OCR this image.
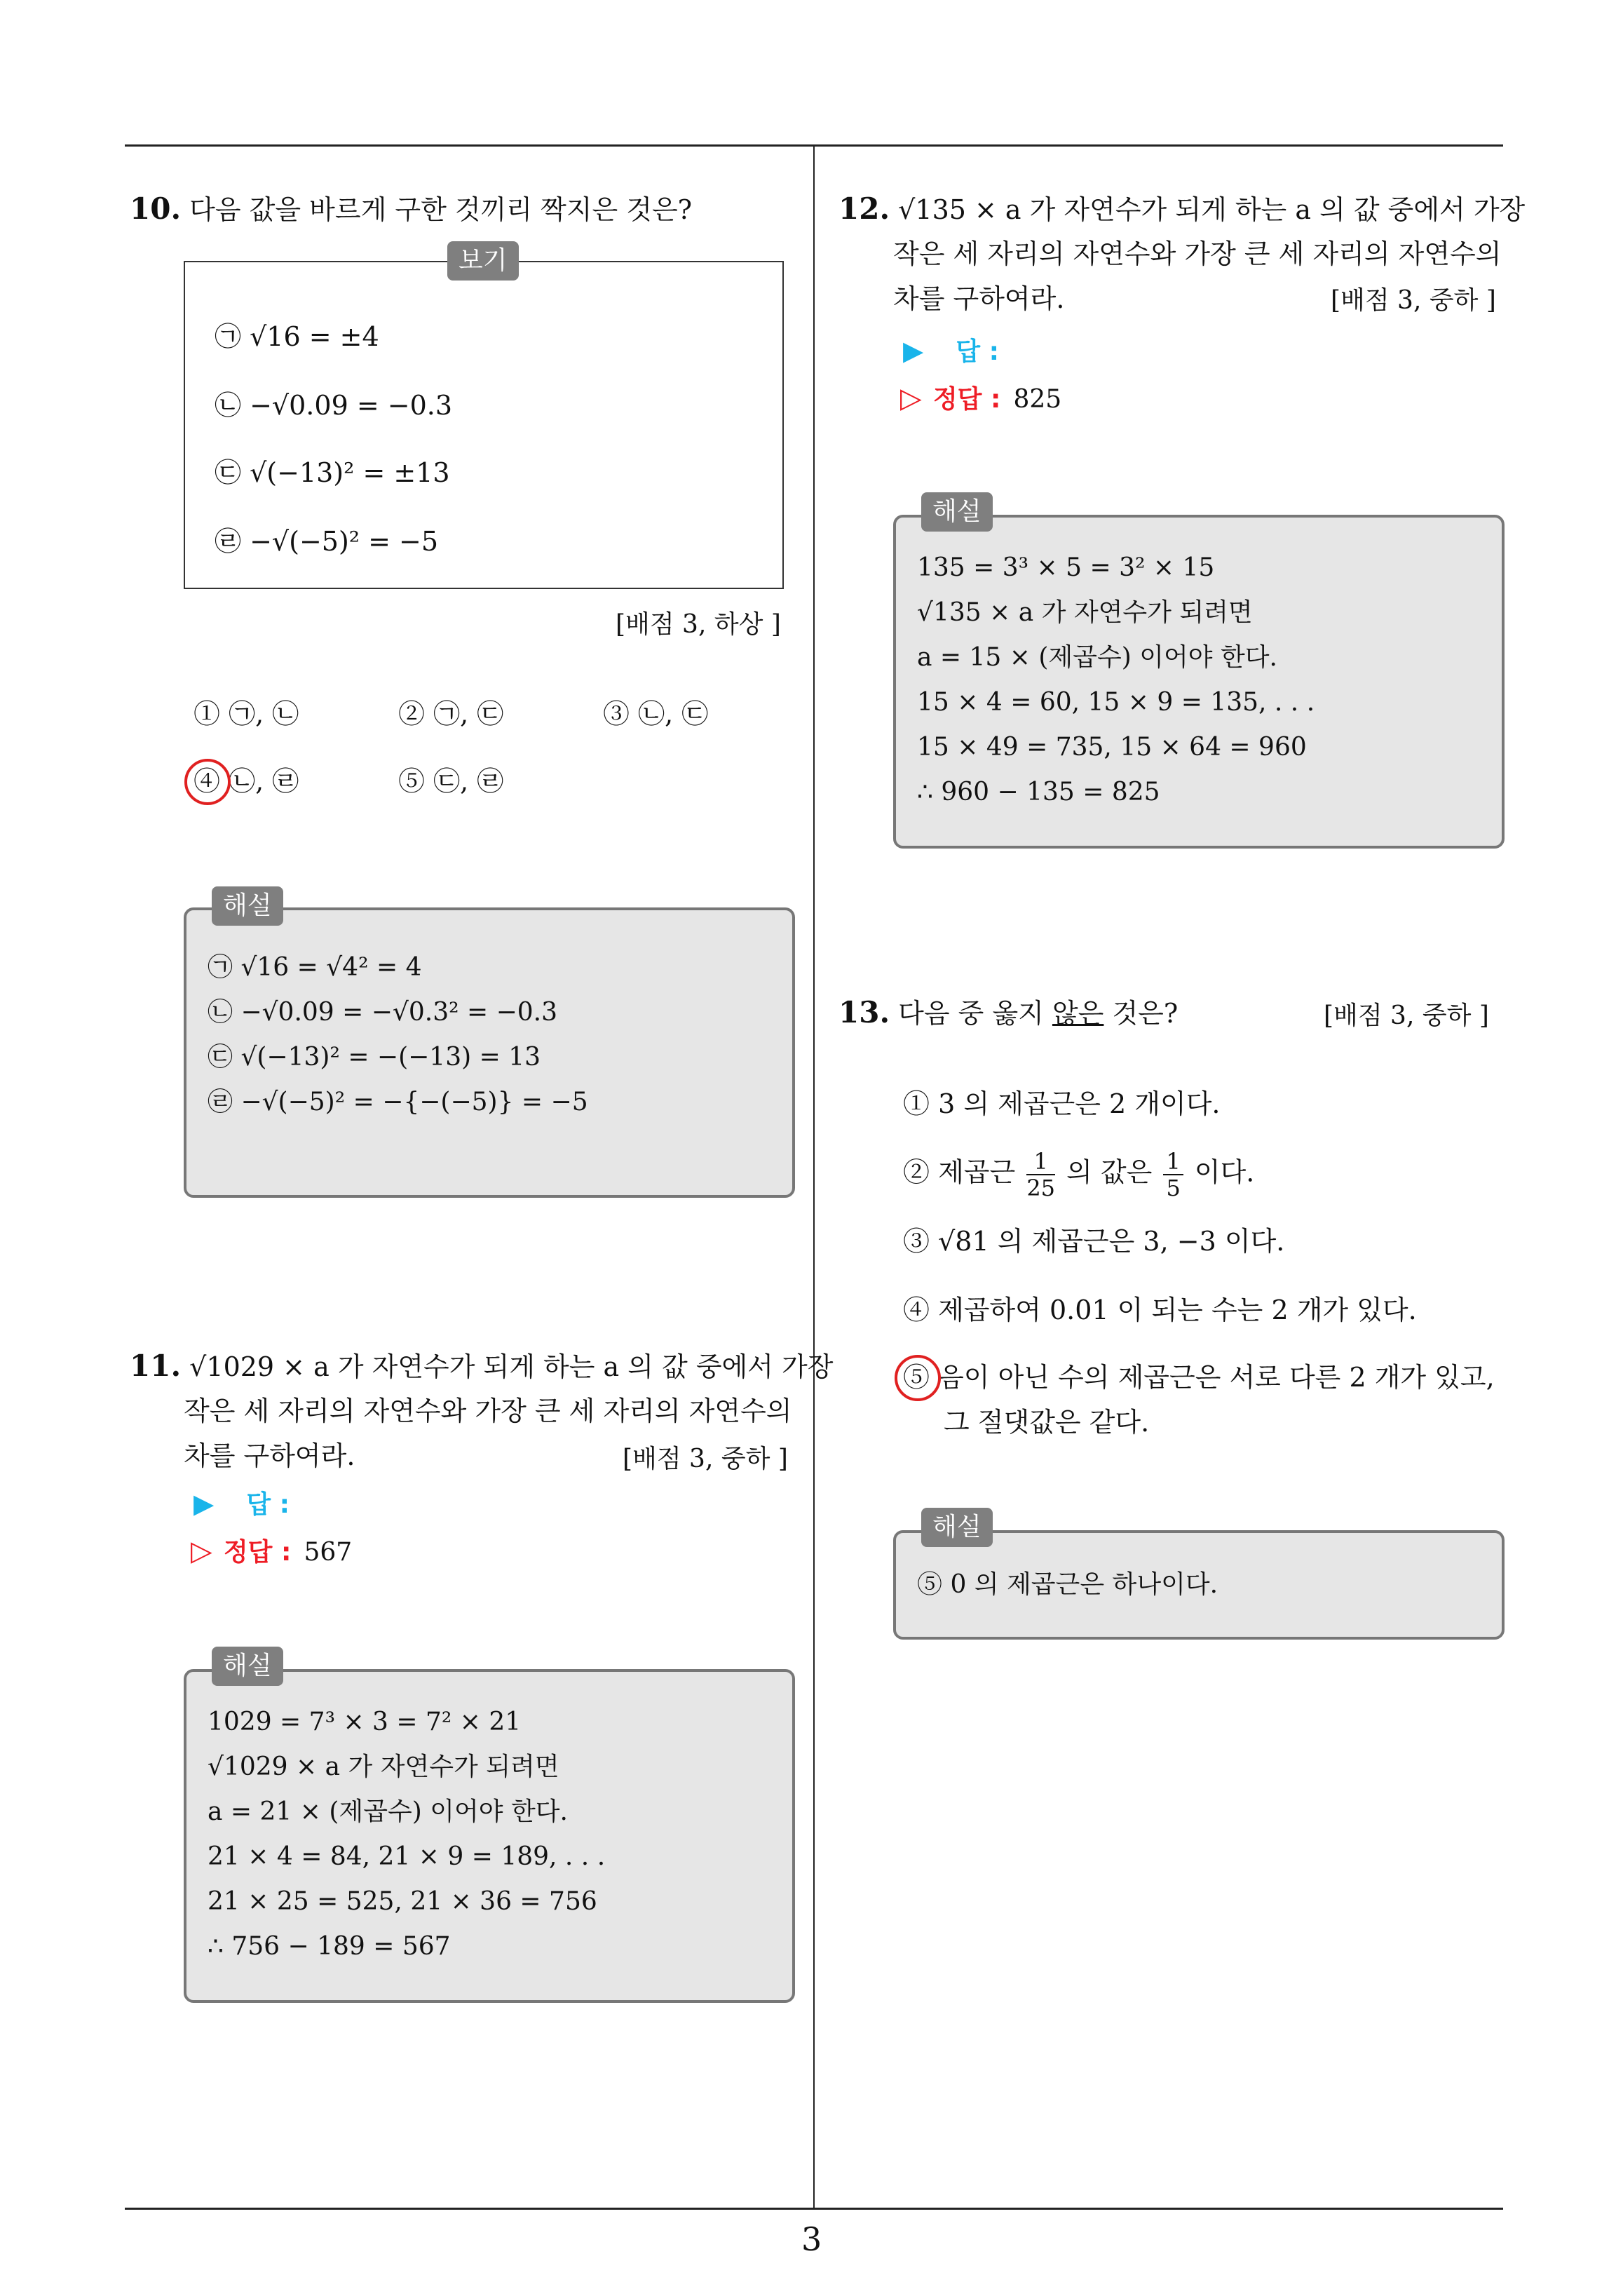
3
10. 다음 값을 바르게 구한 것끼리 짝지은 것은?
보기
㉠ √16 = ±4
㉡ −√0.09 = −0.3
㉢ √(−13)² = ±13
㉣ −√(−5)² = −5
[배점 3, 하상 ]
① ㉠, ㉡	② ㉠, ㉢	③ ㉡, ㉢
④ ㉡, ㉣	⑤ ㉢, ㉣
해설
㉠ √16 = √4² = 4
㉡ −√0.09 = −√0.3² = −0.3
㉢ √(−13)² = −(−13) = 13
㉣ −√(−5)² = −{−(−5)} = −5
11. √1029 × a 가 자연수가 되게 하는 a 의 값 중에서 가장
작은 세 자리의 자연수와 가장 큰 세 자리의 자연수의
차를 구하여라.	[배점 3, 중하 ]
▶ 답 :
▷ 정답 : 567
해설
1029 = 7³ × 3 = 7² × 21
√1029 × a 가 자연수가 되려면
a = 21 × (제곱수) 이어야 한다.
21 × 4 = 84, 21 × 9 = 189, . . .
21 × 25 = 525, 21 × 36 = 756
∴ 756 − 189 = 567
12. √135 × a 가 자연수가 되게 하는 a 의 값 중에서 가장
작은 세 자리의 자연수와 가장 큰 세 자리의 자연수의
차를 구하여라.	[배점 3, 중하 ]
▶ 답 :
▷ 정답 : 825
해설
135 = 3³ × 5 = 3² × 15
√135 × a 가 자연수가 되려면
a = 15 × (제곱수) 이어야 한다.
15 × 4 = 60, 15 × 9 = 135, . . .
15 × 49 = 735, 15 × 64 = 960
∴ 960 − 135 = 825
13. 다음 중 옳지 않은 것은?	[배점 3, 중하 ]
① 3 의 제곱근은 2 개이다.
② 제곱근 $\frac{1}{25}$ 의 값은 $\frac{1}{5}$ 이다.
③ √81 의 제곱근은 3, −3 이다.
④ 제곱하여 0.01 이 되는 수는 2 개가 있다.
⑤ 음이 아닌 수의 제곱근은 서로 다른 2 개가 있고,
그 절댓값은 같다.
해설
⑤ 0 의 제곱근은 하나이다.
